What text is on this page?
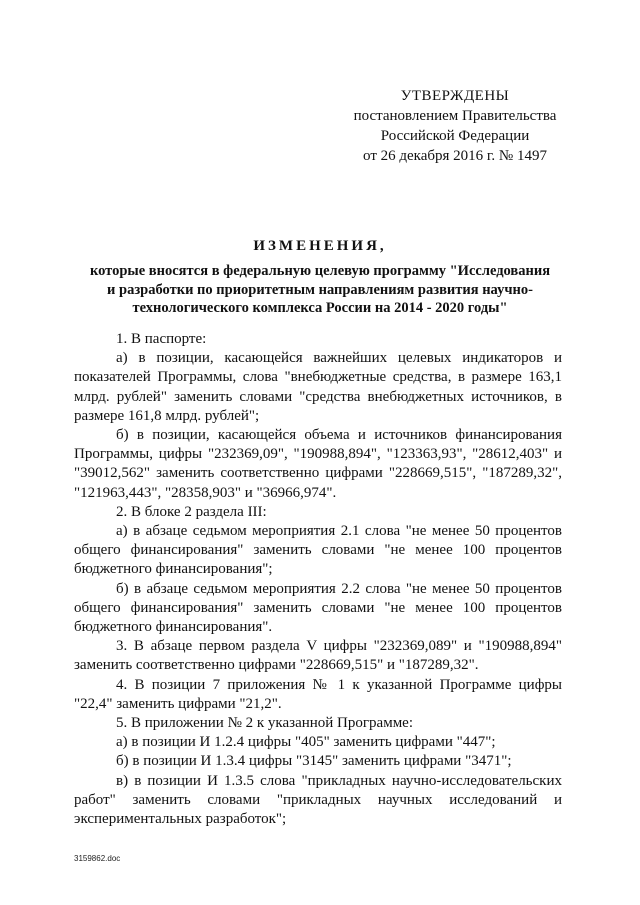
УТВЕРЖДЕНЫ
постановлением Правительства
Российской Федерации
от 26 декабря 2016 г. № 1497
ИЗМЕНЕНИЯ,
которые вносятся в федеральную целевую программу "Исследования
и разработки по приоритетным направлениям развития научно-
технологического комплекса России на 2014 - 2020 годы"

1. В паспорте:

а) в позиции, касающейся важнейших целевых индикаторов и показателей Программы, слова "внебюджетные средства, в размере 163,1 млрд. рублей" заменить словами "средства внебюджетных источников, в размере 161,8 млрд. рублей";

б) в позиции, касающейся объема и источников финансирования Программы, цифры "232369,09", "190988,894", "123363,93", "28612,403" и "39012,562" заменить соответственно цифрами "228669,515", "187289,32", "121963,443", "28358,903" и "36966,974".

2. В блоке 2 раздела III:

а) в абзаце седьмом мероприятия 2.1 слова "не менее 50 процентов общего финансирования" заменить словами "не менее 100 процентов бюджетного финансирования";

б) в абзаце седьмом мероприятия 2.2 слова "не менее 50 процентов общего финансирования" заменить словами "не менее 100 процентов бюджетного финансирования".

3. В абзаце первом раздела V цифры "232369,089" и "190988,894" заменить соответственно цифрами "228669,515" и "187289,32".

4. В позиции 7 приложения № 1 к указанной Программе цифры "22,4" заменить цифрами "21,2".

5. В приложении № 2 к указанной Программе:

а) в позиции И 1.2.4 цифры "405" заменить цифрами "447";

б) в позиции И 1.3.4 цифры "3145" заменить цифрами "3471";

в) в позиции И 1.3.5 слова "прикладных научно-исследовательских работ" заменить словами "прикладных научных исследований и экспериментальных разработок";

3159862.doc
